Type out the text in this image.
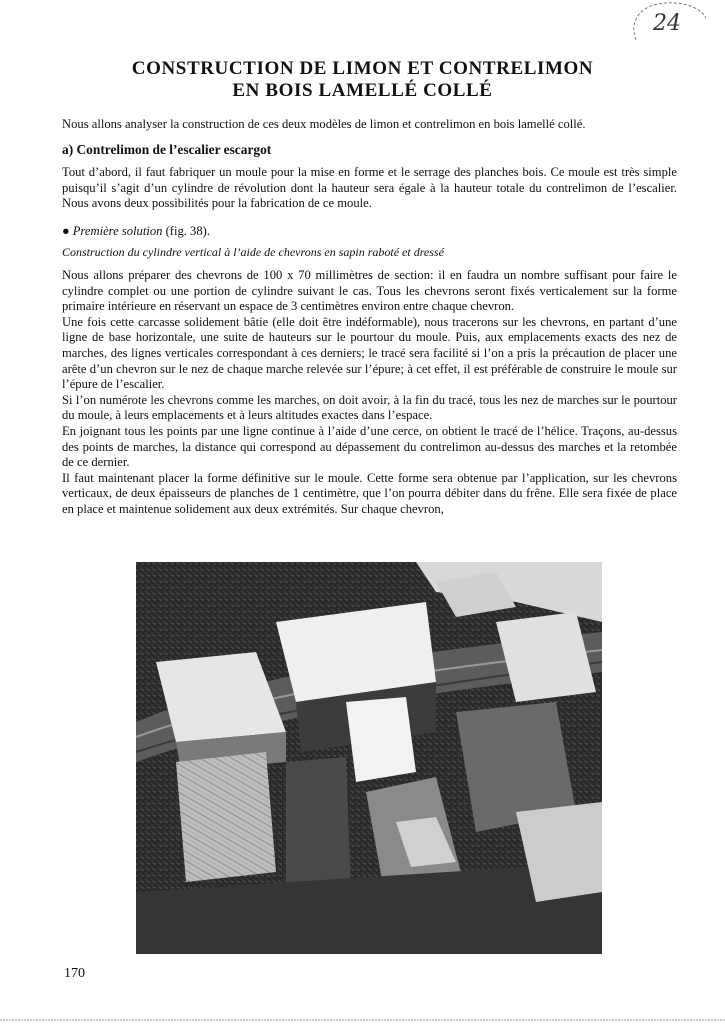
24
CONSTRUCTION DE LIMON ET CONTRELIMON
EN BOIS LAMELLÉ COLLÉ
Nous allons analyser la construction de ces deux modèles de limon et contrelimon en bois lamellé collé.
a) Contrelimon de l’escalier escargot
Tout d’abord, il faut fabriquer un moule pour la mise en forme et le serrage des planches bois. Ce moule est très simple puisqu’il s’agit d’un cylindre de révolution dont la hauteur sera égale à la hauteur totale du contrelimon de l’escalier. Nous avons deux possibilités pour la fabrication de ce moule.
● Première solution (fig. 38).
Construction du cylindre vertical à l’aide de chevrons en sapin raboté et dressé
Nous allons préparer des chevrons de 100 x 70 millimètres de section: il en faudra un nombre suffisant pour faire le cylindre complet ou une portion de cylindre suivant le cas. Tous les chevrons seront fixés verticalement sur la forme primaire intérieure en réservant un espace de 3 centimètres environ entre chaque chevron.
Une fois cette carcasse solidement bâtie (elle doit être indéformable), nous tracerons sur les chevrons, en partant d’une ligne de base horizontale, une suite de hauteurs sur le pourtour du moule. Puis, aux emplacements exacts des nez de marches, des lignes verticales correspondant à ces derniers; le tracé sera facilité si l’on a pris la précaution de placer une arête d’un chevron sur le nez de chaque marche relevée sur l’épure; à cet effet, il est préférable de construire le moule sur l’épure de l’escalier.
Si l’on numérote les chevrons comme les marches, on doit avoir, à la fin du tracé, tous les nez de marches sur le pourtour du moule, à leurs emplacements et à leurs altitudes exactes dans l’espace.
En joignant tous les points par une ligne continue à l’aide d’une cerce, on obtient le tracé de l’hélice. Traçons, au-dessus des points de marches, la distance qui correspond au dépassement du contrelimon au-dessus des marches et la retombée de ce dernier.
Il faut maintenant placer la forme définitive sur le moule. Cette forme sera obtenue par l’application, sur les chevrons verticaux, de deux épaisseurs de planches de 1 centimètre, que l’on pourra débiter dans du frêne. Elle sera fixée de place en place et maintenue solidement aux deux extrémités. Sur chaque chevron,
170
